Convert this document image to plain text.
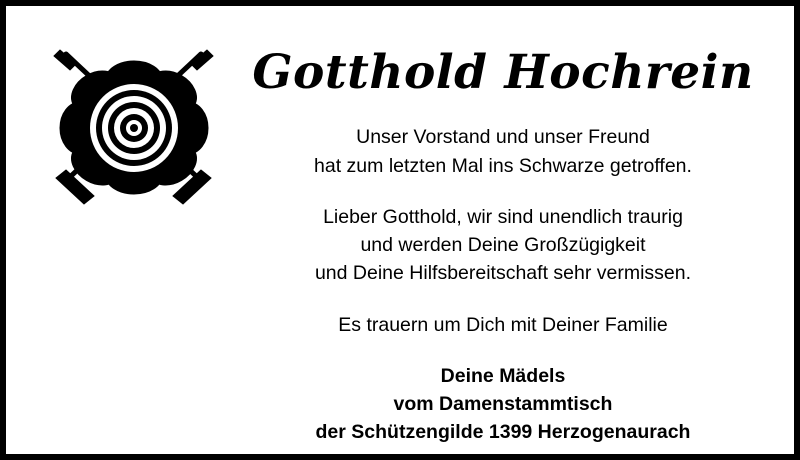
Gotthold Hochrein
Unser Vorstand und unser Freund
hat zum letzten Mal ins Schwarze getroffen.
Lieber Gotthold, wir sind unendlich traurig
und werden Deine Großzügigkeit
und Deine Hilfsbereitschaft sehr vermissen.
Es trauern um Dich mit Deiner Familie
Deine Mädels
vom Damenstammtisch
der Schützengilde 1399 Herzogenaurach
